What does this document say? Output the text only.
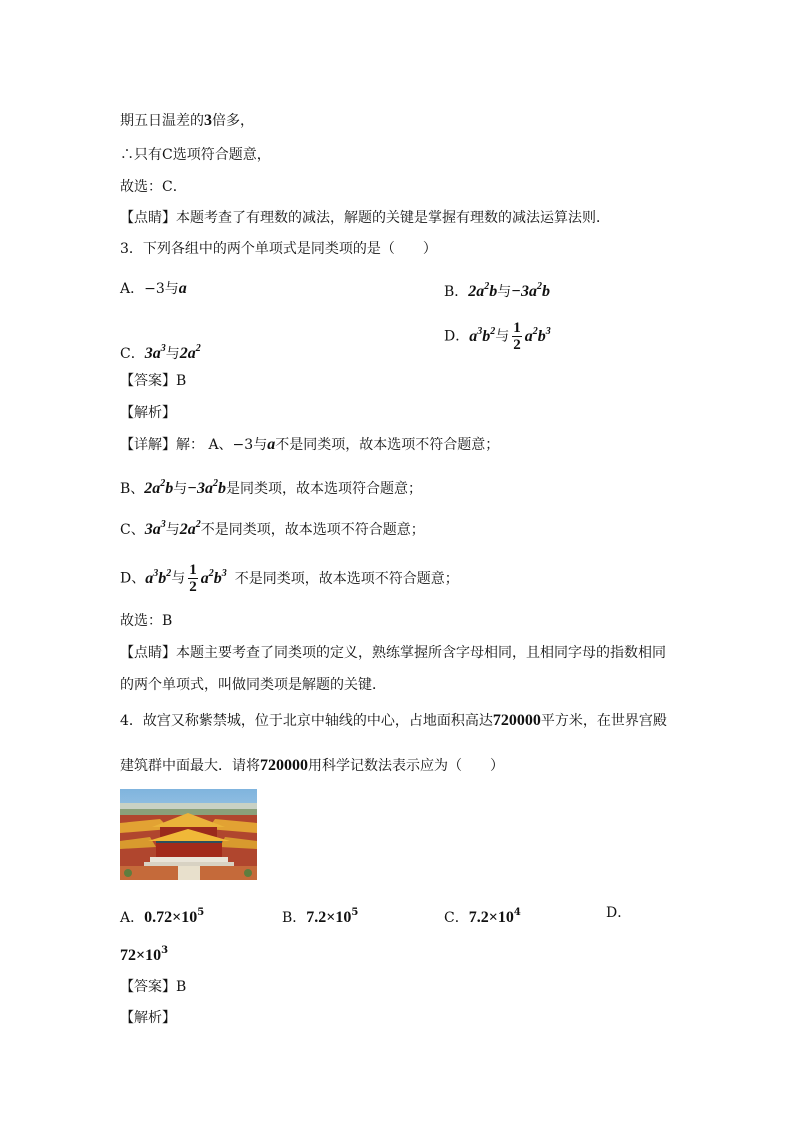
期五日温差的3倍多，
∴只有C选项符合题意，
故选：C．
【点睛】本题考查了有理数的减法，解题的关键是掌握有理数的减法运算法则．
3．下列各组中的两个单项式是同类项的是（　　）
A．−3与a	B．$2a^2b$与$-3a^2b$
C．$3a^3$与$2a^2$
D．$a^3b^2$与 $\frac{1}{2} a^2b^3$
【答案】B
【解析】
【详解】解： A、−3与a不是同类项，故本选项不符合题意；
B、$2a^2b$与$-3a^2b$是同类项，故本选项符合题意；
C、$3a^3$与$2a^2$不是同类项，故本选项不符合题意；
D、$a^3b^2$与 $\frac{1}{2} a^2b^3$ 不是同类项，故本选项不符合题意；
故选：B
【点睛】本题主要考查了同类项的定义，熟练掌握所含字母相同，且相同字母的指数相同
的两个单项式，叫做同类项是解题的关键．
4．故宫又称紫禁城，位于北京中轴线的中心，占地面积高达720000平方米，在世界宫殿
建筑群中面最大．请将720000用科学记数法表示应为（　　）
A．$0.72\times 10^5$	B．$7.2\times 10^5$	C．$7.2\times 10^4$	D．
$72\times 10^3$
【答案】B
【解析】
